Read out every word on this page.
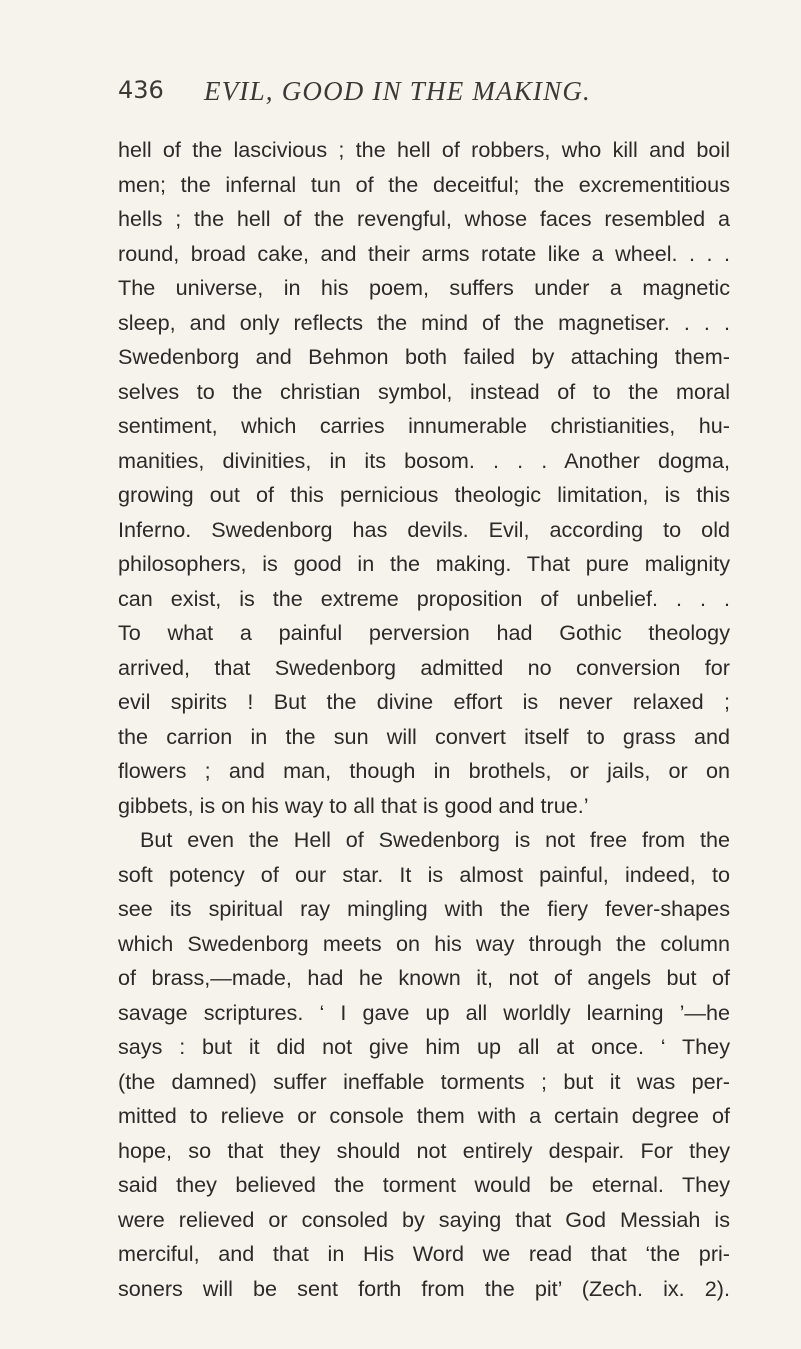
436 EVIL, GOOD IN THE MAKING.
hell of the lascivious ; the hell of robbers, who kill and boil
men; the infernal tun of the deceitful; the excrementitious
hells ; the hell of the revengful, whose faces resembled a
round, broad cake, and their arms rotate like a wheel. . . .
The universe, in his poem, suffers under a magnetic
sleep, and only reflects the mind of the magnetiser. . . .
Swedenborg and Behmon both failed by attaching them-
selves to the christian symbol, instead of to the moral
sentiment, which carries innumerable christianities, hu-
manities, divinities, in its bosom. . . . Another dogma,
growing out of this pernicious theologic limitation, is this
Inferno. Swedenborg has devils. Evil, according to old
philosophers, is good in the making. That pure malignity
can exist, is the extreme proposition of unbelief. . . .
To what a painful perversion had Gothic theology
arrived, that Swedenborg admitted no conversion for
evil spirits ! But the divine effort is never relaxed ;
the carrion in the sun will convert itself to grass and
flowers ; and man, though in brothels, or jails, or on
gibbets, is on his way to all that is good and true.’
But even the Hell of Swedenborg is not free from the
soft potency of our star. It is almost painful, indeed, to
see its spiritual ray mingling with the fiery fever-shapes
which Swedenborg meets on his way through the column
of brass,—made, had he known it, not of angels but of
savage scriptures. ‘ I gave up all worldly learning ’—he
says : but it did not give him up all at once. ‘ They
(the damned) suffer ineffable torments ; but it was per-
mitted to relieve or console them with a certain degree of
hope, so that they should not entirely despair. For they
said they believed the torment would be eternal. They
were relieved or consoled by saying that God Messiah is
merciful, and that in His Word we read that ‘the pri-
soners will be sent forth from the pit’ (Zech. ix. 2).
